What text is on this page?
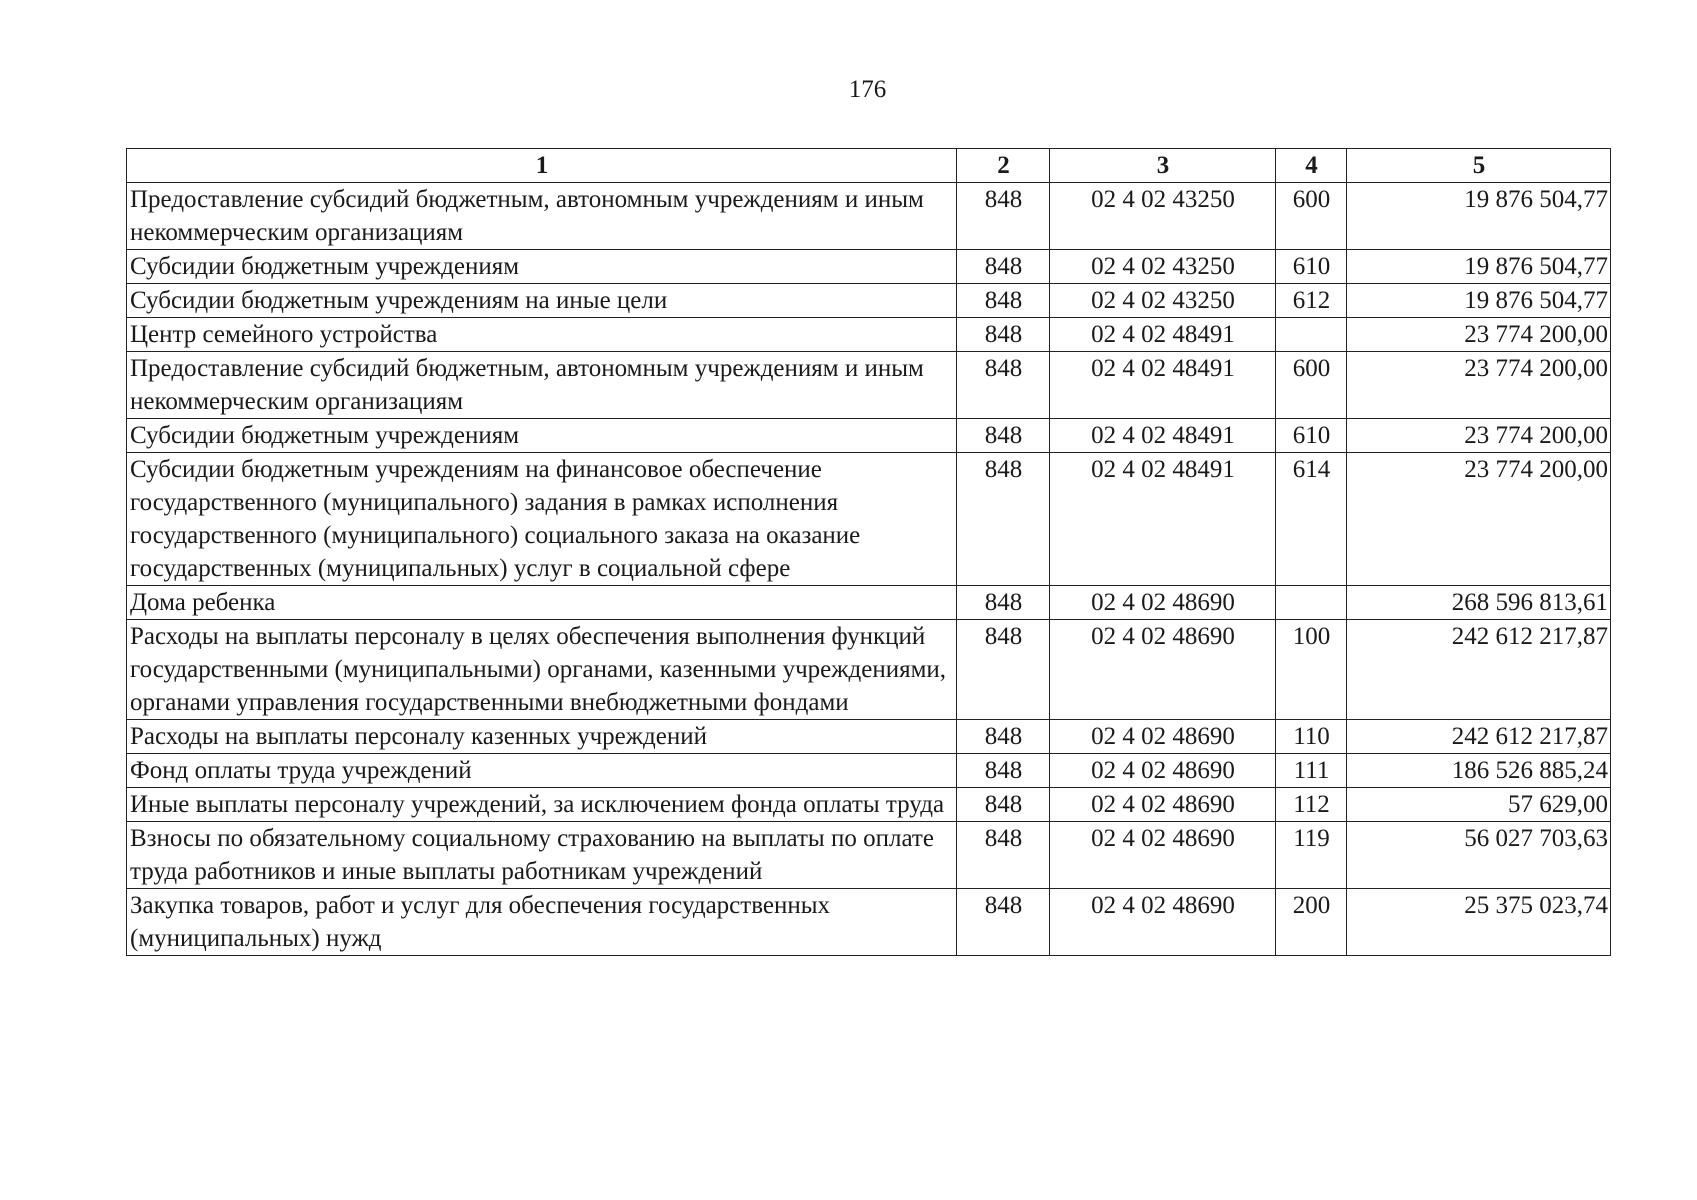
176
1	2	3	4	5
Предоставление субсидий бюджетным, автономным учреждениям и иным некоммерческим организациям	848	02 4 02 43250	600	19 876 504,77
Субсидии бюджетным учреждениям	848	02 4 02 43250	610	19 876 504,77
Субсидии бюджетным учреждениям на иные цели	848	02 4 02 43250	612	19 876 504,77
Центр семейного устройства	848	02 4 02 48491		23 774 200,00
Предоставление субсидий бюджетным, автономным учреждениям и иным некоммерческим организациям	848	02 4 02 48491	600	23 774 200,00
Субсидии бюджетным учреждениям	848	02 4 02 48491	610	23 774 200,00
Субсидии бюджетным учреждениям на финансовое обеспечение государственного (муниципального) задания в рамках исполнения государственного (муниципального) социального заказа на оказание государственных (муниципальных) услуг в социальной сфере	848	02 4 02 48491	614	23 774 200,00
Дома ребенка	848	02 4 02 48690		268 596 813,61
Расходы на выплаты персоналу в целях обеспечения выполнения функций государственными (муниципальными) органами, казенными учреждениями, органами управления государственными внебюджетными фондами	848	02 4 02 48690	100	242 612 217,87
Расходы на выплаты персоналу казенных учреждений	848	02 4 02 48690	110	242 612 217,87
Фонд оплаты труда учреждений	848	02 4 02 48690	111	186 526 885,24
Иные выплаты персоналу учреждений, за исключением фонда оплаты труда	848	02 4 02 48690	112	57 629,00
Взносы по обязательному социальному страхованию на выплаты по оплате труда работников и иные выплаты работникам учреждений	848	02 4 02 48690	119	56 027 703,63
Закупка товаров, работ и услуг для обеспечения государственных (муниципальных) нужд	848	02 4 02 48690	200	25 375 023,74
